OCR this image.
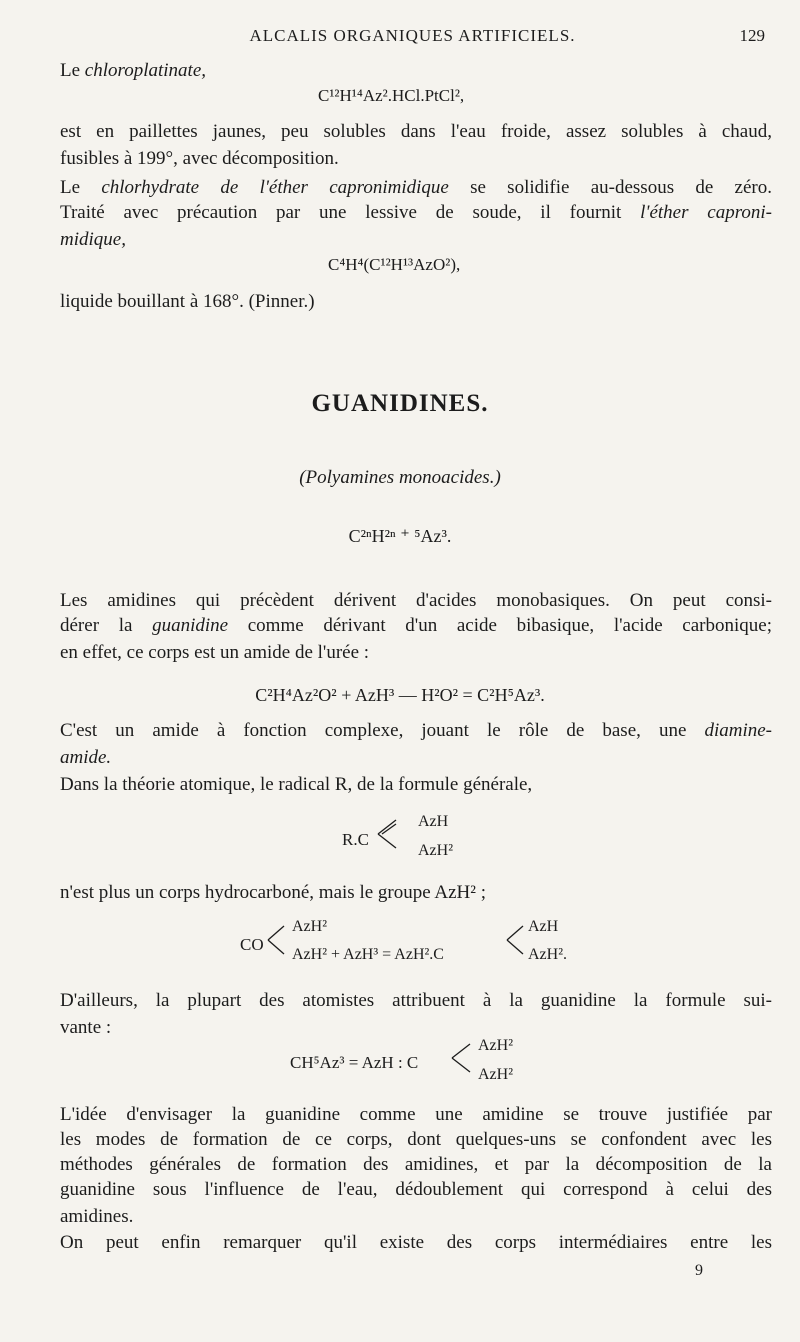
ALCALIS ORGANIQUES ARTIFICIELS.	129
Le chloroplatinate,
C¹²H¹⁴Az².HCl.PtCl²,
est en paillettes jaunes, peu solubles dans l'eau froide, assez solubles à chaud,
fusibles à 199°, avec décomposition.
Le chlorhydrate de l'éther capronimidique se solidifie au-dessous de zéro.
Traité avec précaution par une lessive de soude, il fournit l'éther caproni-
midique,
C⁴H⁴(C¹²H¹³AzO²),
liquide bouillant à 168°. (Pinner.)
GUANIDINES.
(Polyamines monoacides.)
C²ⁿH²ⁿ ⁺ ⁵Az³.
Les amidines qui précèdent dérivent d'acides monobasiques. On peut consi-
dérer la guanidine comme dérivant d'un acide bibasique, l'acide carbonique;
en effet, ce corps est un amide de l'urée :
C²H⁴Az²O² + AzH³ — H²O² = C²H⁵Az³.
C'est un amide à fonction complexe, jouant le rôle de base, une diamine-
amide.
Dans la théorie atomique, le radical R, de la formule générale,
R.C
AzH
AzH²
n'est plus un corps hydrocarboné, mais le groupe AzH² ;
CO
AzH²
AzH² + AzH³ = AzH².C
AzH
AzH².
D'ailleurs, la plupart des atomistes attribuent à la guanidine la formule sui-
vante :
CH⁵Az³ = AzH : C
AzH²
AzH²
L'idée d'envisager la guanidine comme une amidine se trouve justifiée par
les modes de formation de ce corps, dont quelques-uns se confondent avec les
méthodes générales de formation des amidines, et par la décomposition de la
guanidine sous l'influence de l'eau, dédoublement qui correspond à celui des
amidines.
On peut enfin remarquer qu'il existe des corps intermédiaires entre les
9
